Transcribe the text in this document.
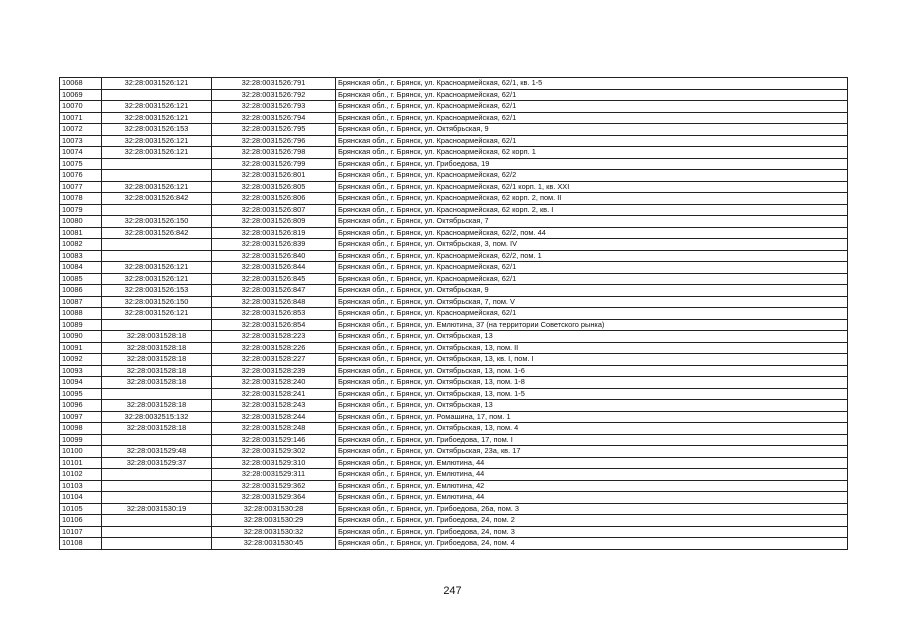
10068	32:28:0031526:121	32:28:0031526:791	Брянская обл., г. Брянск, ул. Красноармейская, 62/1, кв. 1-5
10069		32:28:0031526:792	Брянская обл., г. Брянск, ул. Красноармейская, 62/1
10070	32:28:0031526:121	32:28:0031526:793	Брянская обл., г. Брянск, ул. Красноармейская, 62/1
10071	32:28:0031526:121	32:28:0031526:794	Брянская обл., г. Брянск, ул. Красноармейская, 62/1
10072	32:28:0031526:153	32:28:0031526:795	Брянская обл., г. Брянск, ул. Октябрьская, 9
10073	32:28:0031526:121	32:28:0031526:796	Брянская обл., г. Брянск, ул. Красноармейская, 62/1
10074	32:28:0031526:121	32:28:0031526:798	Брянская обл., г. Брянск, ул. Красноармейская, 62 корп. 1
10075		32:28:0031526:799	Брянская обл., г. Брянск, ул. Грибоедова, 19
10076		32:28:0031526:801	Брянская обл., г. Брянск, ул. Красноармейская, 62/2
10077	32:28:0031526:121	32:28:0031526:805	Брянская обл., г. Брянск, ул. Красноармейская, 62/1 корп. 1, кв. XXI
10078	32:28:0031526:842	32:28:0031526:806	Брянская обл., г. Брянск, ул. Красноармейская, 62 корп. 2, пом. II
10079		32:28:0031526:807	Брянская обл., г. Брянск, ул. Красноармейская, 62 корп. 2, кв. I
10080	32:28:0031526:150	32:28:0031526:809	Брянская обл., г. Брянск, ул. Октябрьская, 7
10081	32:28:0031526:842	32:28:0031526:819	Брянская обл., г. Брянск, ул. Красноармейская, 62/2, пом. 44
10082		32:28:0031526:839	Брянская обл., г. Брянск, ул. Октябрьская, 3, пом. IV
10083		32:28:0031526:840	Брянская обл., г. Брянск, ул. Красноармейская, 62/2, пом. 1
10084	32:28:0031526:121	32:28:0031526:844	Брянская обл., г. Брянск, ул. Красноармейская, 62/1
10085	32:28:0031526:121	32:28:0031526:845	Брянская обл., г. Брянск, ул. Красноармейская, 62/1
10086	32:28:0031526:153	32:28:0031526:847	Брянская обл., г. Брянск, ул. Октябрьская, 9
10087	32:28:0031526:150	32:28:0031526:848	Брянская обл., г. Брянск, ул. Октябрьская, 7, пом. V
10088	32:28:0031526:121	32:28:0031526:853	Брянская обл., г. Брянск, ул. Красноармейская, 62/1
10089		32:28:0031526:854	Брянская обл., г. Брянск, ул. Емлютина, 37 (на территории Советского рынка)
10090	32:28:0031528:18	32:28:0031528:223	Брянская обл., г. Брянск, ул. Октябрьская, 13
10091	32:28:0031528:18	32:28:0031528:226	Брянская обл., г. Брянск, ул. Октябрьская, 13, пом. II
10092	32:28:0031528:18	32:28:0031528:227	Брянская обл., г. Брянск, ул. Октябрьская, 13, кв. I, пом. I
10093	32:28:0031528:18	32:28:0031528:239	Брянская обл., г. Брянск, ул. Октябрьская, 13, пом. 1-6
10094	32:28:0031528:18	32:28:0031528:240	Брянская обл., г. Брянск, ул. Октябрьская, 13, пом. 1-8
10095		32:28:0031528:241	Брянская обл., г. Брянск, ул. Октябрьская, 13, пом. 1-5
10096	32:28:0031528:18	32:28:0031528:243	Брянская обл., г. Брянск, ул. Октябрьская, 13
10097	32:28:0032515:132	32:28:0031528:244	Брянская обл., г. Брянск, ул. Ромашина, 17, пом. 1
10098	32:28:0031528:18	32:28:0031528:248	Брянская обл., г. Брянск, ул. Октябрьская, 13, пом. 4
10099		32:28:0031529:146	Брянская обл., г. Брянск, ул. Грибоедова, 17, пом. I
10100	32:28:0031529:48	32:28:0031529:302	Брянская обл., г. Брянск, ул. Октябрьская, 23а, кв. 17
10101	32:28:0031529:37	32:28:0031529:310	Брянская обл., г. Брянск, ул. Емлютина, 44
10102		32:28:0031529:311	Брянская обл., г. Брянск, ул. Емлютина, 44
10103		32:28:0031529:362	Брянская обл., г. Брянск, ул. Емлютина, 42
10104		32:28:0031529:364	Брянская обл., г. Брянск, ул. Емлютина, 44
10105	32:28:0031530:19	32:28:0031530:28	Брянская обл., г. Брянск, ул. Грибоедова, 26а, пом. 3
10106		32:28:0031530:29	Брянская обл., г. Брянск, ул. Грибоедова, 24, пом. 2
10107		32:28:0031530:32	Брянская обл., г. Брянск, ул. Грибоедова, 24, пом. 3
10108		32:28:0031530:45	Брянская обл., г. Брянск, ул. Грибоедова, 24, пом. 4
247
